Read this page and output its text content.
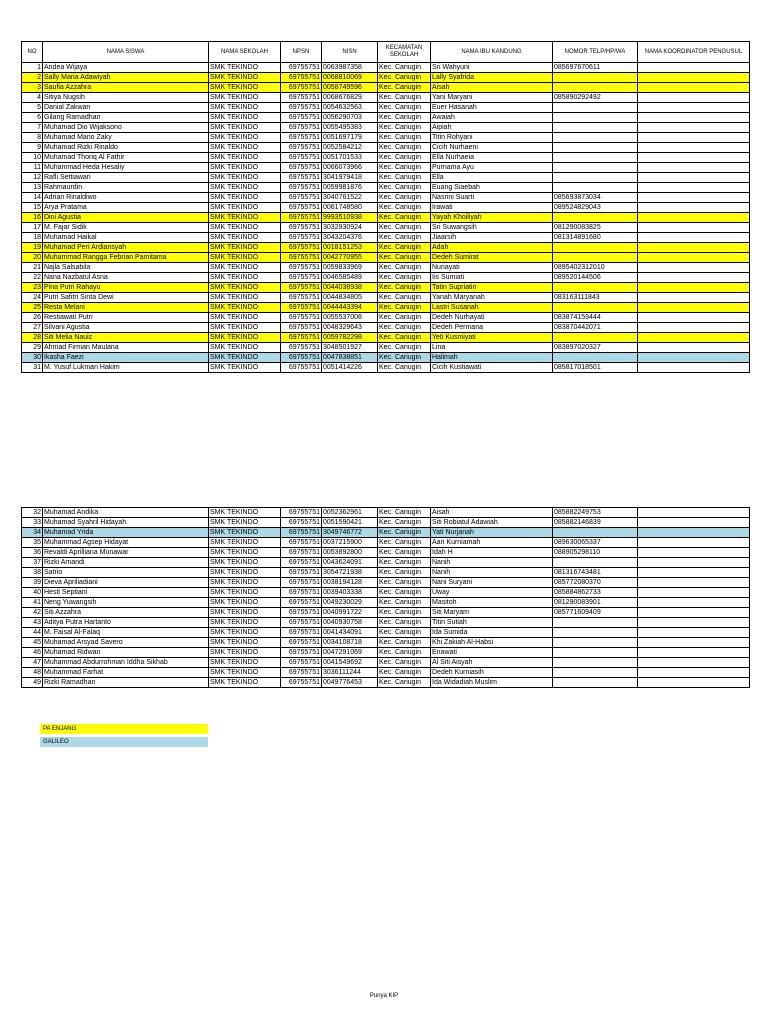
NO	NAMA SISWA	NAMA SEKOLAH	NPSN	NISN	KECAMATAN SEKOLAH	NAMA IBU KANDUNG	NOMOR TELP/HP/WA	NAMA KOORDINATOR PENGUSUL
1	Andea Wijaya	SMK TEKINDO	69755751	0063987358	Kec. Cariugin	Sri Wahyuni	085697670611	
2	Sally Maria Adawiyah	SMK TEKINDO	69755751	0068810069	Kec. Cariugin	Lally Syafrida		
3	Saufia Azzahra	SMK TEKINDO	69755751	0058749596	Kec. Cariugin	Aisah		
4	Sitiya Nugsih	SMK TEKINDO	69755751	0068676829	Kec. Cariugin	Yani Maryani	085890292492	
5	Danial Zakwan	SMK TEKINDO	69755751	0054632563	Kec. Cariugin	Euer Hasanah		
6	Gilang Ramadhan	SMK TEKINDO	69755751	0056290703	Kec. Cariugin	Awaiah		
7	Muhamad Dio Wijaksono	SMK TEKINDO	69755751	0055495383	Kec. Cariugin	Aipiah		
8	Muhamad Mario Zaky	SMK TEKINDO	69755751	0051697179	Kec. Cariugin	Titin Rohyani		
9	Muhamad Rizki Rinaldo	SMK TEKINDO	69755751	0052584212	Kec. Cariugin	Cicih Nurhaeni		
10	Muhamad Thoriq Al Fathir	SMK TEKINDO	69755751	0051701533	Kec. Cariugin	Ella Nurhaeia		
11	Muhammad Heda Hesaliy	SMK TEKINDO	69755751	0066073966	Kec. Cariugin	Purnama Ayu		
12	Rafli Settiawan	SMK TEKINDO	69755751	3041979418	Kec. Cariugin	Ella		
13	Rahmaurdin	SMK TEKINDO	69755751	0059981876	Kec. Cariugin	Euang Siaebah		
14	Adrian Rinaldiwo	SMK TEKINDO	69755751	3040761522	Kec. Cariugin	Nasrini Suarti	085693873034	
15	Arya Pratama	SMK TEKINDO	69755751	0061748580	Kec. Cariugin	Irawati	089524829043	
16	Dini Agustia	SMK TEKINDO	69755751	9993510938	Kec. Cariugin	Yayah Khoiliyah		
17	M. Fajar Sidik	SMK TEKINDO	69755751	3032930924	Kec. Cariugin	Sri Suwangsih	081290083825	
18	Muhamad Haikal	SMK TEKINDO	69755751	3043204376	Kec. Cariugin	Jiaarsih	081314891680	
19	Muhamad Peri Ardiansyah	SMK TEKINDO	69755751	0018151253	Kec. Cariugin	Adah		
20	Muhammad Rangga Febrian Pamitama	SMK TEKINDO	69755751	0042770955	Kec. Cariugin	Dedeh Sumirat		
21	Najla Salsabila	SMK TEKINDO	69755751	0059833969	Kec. Cariugin	Nuriayati	0895402312010	
22	Nana Nazbatul Asna	SMK TEKINDO	69755751	0046585489	Kec. Cariugin	Iis Sumiati	089520144506	
23	Pina Putri Rahayu	SMK TEKINDO	69755751	0044038938	Kec. Cariugin	Tatin Supriatin		
24	Putri Safitri Sinta Dewi	SMK TEKINDO	69755751	0044834805	Kec. Cariugin	Yanah Maryanah	083163111843	
25	Resta Melani	SMK TEKINDO	69755751	0044443394	Kec. Cariugin	Lastri Susanah		
26	Restiawati Putri	SMK TEKINDO	69755751	0055537008	Kec. Cariugin	Dedeh Nurhayati	083874159444	
27	Silvani Agustia	SMK TEKINDO	69755751	0048329643	Kec. Cariugin	Dedeh Permana	083870442071	
28	Siti Melia Nauiz	SMK TEKINDO	69755751	0059782298	Kec. Cariugin	Yeti Kusmiyati		
29	Ahmad Firman Maulana	SMK TEKINDO	69755751	3048501927	Kec. Cariugin	Lina	083897020327	
30	Ikasha Faezi	SMK TEKINDO	69755751	0047838851	Kec. Cariugin	Halimah		
31	M. Yusuf Lukman Hakim	SMK TEKINDO	69755751	0051414226	Kec. Cariugin	Cicih Kustiawati	085817018501	
32	Muhamad Andika	SMK TEKINDO	69755751	0052362961	Kec. Cariugin	Aisah	085882249753	
33	Muhamad Syahril Hidayah	SMK TEKINDO	69755751	0051590421	Kec. Cariugin	Siti Robiatul Adawiah	085882146839	
34	Muhamad Yrida	SMK TEKINDO	69755751	3049746772	Kec. Cariugin	Yati Nurjanah		
35	Muhammad Agsep Hidayat	SMK TEKINDO	69755751	0037215900	Kec. Cariugin	Aan Kurniamah	089630065337	
36	Revaldi Aprilliana Munawar	SMK TEKINDO	69755751	0053892800	Kec. Cariugin	Idah H	088905298110	
37	Rizki Amandi	SMK TEKINDO	69755751	0043624091	Kec. Cariugin	Nanih		
38	Satrio	SMK TEKINDO	69755751	3054721938	Kec. Cariugin	Nanih	081316743481	
39	Dieva Apriliadiani	SMK TEKINDO	69755751	0038194128	Kec. Cariugin	Nani Suryani	085772080370	
40	Hesti Septiani	SMK TEKINDO	69755751	0039403338	Kec. Cariugin	Uway	085884862733	
41	Neng Yuwangsih	SMK TEKINDO	69755751	0049230029	Kec. Cariugin	Masitoh	081290083901	
42	Siti Azzahra	SMK TEKINDO	69755751	0040991722	Kec. Cariugin	Siti Maryam	085771609409	
43	Aditya Putra Hartanto	SMK TEKINDO	69755751	0040930758	Kec. Cariugin	Titin Sutiah		
44	M. Faisal Al-Falaq	SMK TEKINDO	69755751	0041434091	Kec. Cariugin	Ida Sumida		
45	Muhamad Arsyad Savero	SMK TEKINDO	69755751	0034108718	Kec. Cariugin	Khi Zakiah Al-Habsi		
46	Muhamad Ridwan	SMK TEKINDO	69755751	0047291069	Kec. Cariugin	Enawati		
47	Muhammad Abdurrohman Iddha Sikhab	SMK TEKINDO	69755751	0041549692	Kec. Cariugin	Al Siti Aisyah		
48	Muhammad Farhat	SMK TEKINDO	69755751	3036111244	Kec. Cariugin	Dedeh Kurniasih		
49	Rizki Ramadhan	SMK TEKINDO	69755751	0049776453	Kec. Cariugin	Ida Widadiah Muslim		
PA ENJANG
GALILEO
Punya KIP
